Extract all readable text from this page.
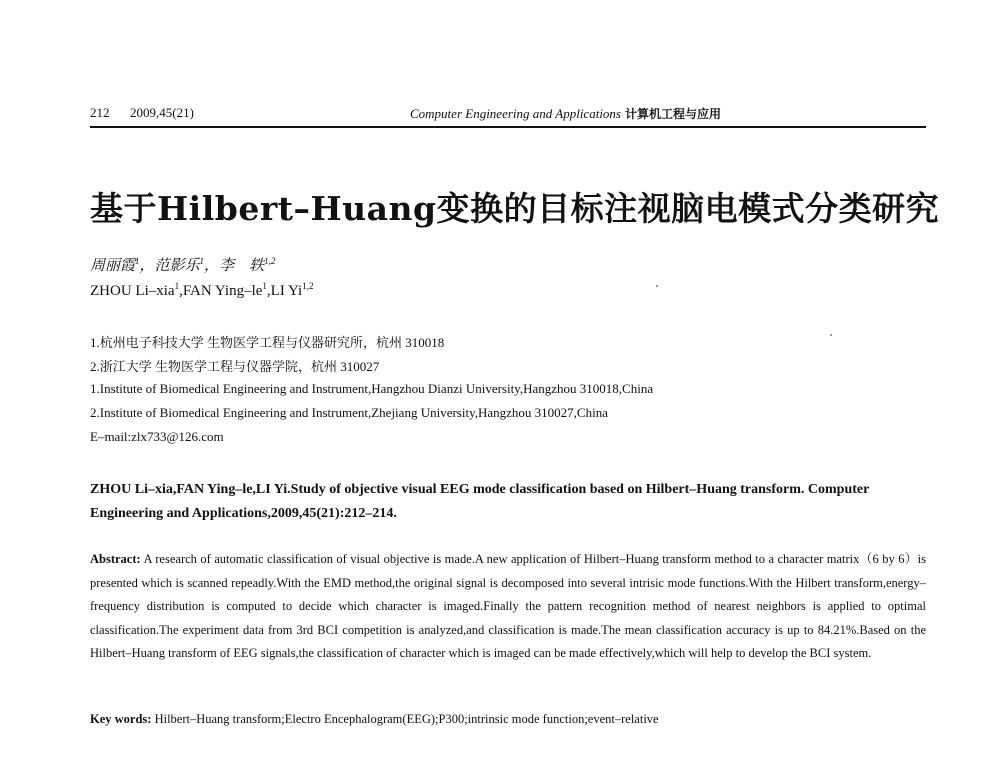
212 2009,45(21)	Computer Engineering and Applications 计算机工程与应用
基于Hilbert–Huang变换的目标注视脑电模式分类研究
周丽霞$^1$，范影乐$^1$，李　轶$^{1,2}$
ZHOU Li–xia$^1$,FAN Ying–$le^1,LI$ Yi$^{1,2}$
1.杭州电子科技大学 生物医学工程与仪器研究所，杭州 310018
2.浙江大学 生物医学工程与仪器学院，杭州 310027
1.Institute of Biomedical Engineering and Instrument,Hangzhou Dianzi University,Hangzhou 310018,China
2.Institute of Biomedical Engineering and Instrument,Zhejiang University,Hangzhou 310027,China
E–mail:zlx733@126.com
ZHOU Li–xia,FAN Ying–le,LI Yi.Study of objective visual EEG mode classification based on Hilbert–Huang transform. Computer Engineering and Applications,2009,45(21):212–214.
Abstract: A research of automatic classification of visual objective is made.A new application of Hilbert–Huang transform method to a character matrix（6 by 6）is presented which is scanned repeadly.With the EMD method,the original signal is decomposed into several intrisic mode functions.With the Hilbert transform,energy–frequency distribution is computed to decide which character is imaged.Finally the pattern recognition method of nearest neighbors is applied to optimal classification.The experiment data from 3rd BCI competition is analyzed,and classification is made.The mean classification accuracy is up to 84.21%.Based on the Hilbert–Huang transform of EEG signals,the classification of character which is imaged can be made effectively,which will help to develop the BCI system.
Key words: Hilbert–Huang transform;Electro Encephalogram(EEG);P300;intrinsic mode function;event–relative
